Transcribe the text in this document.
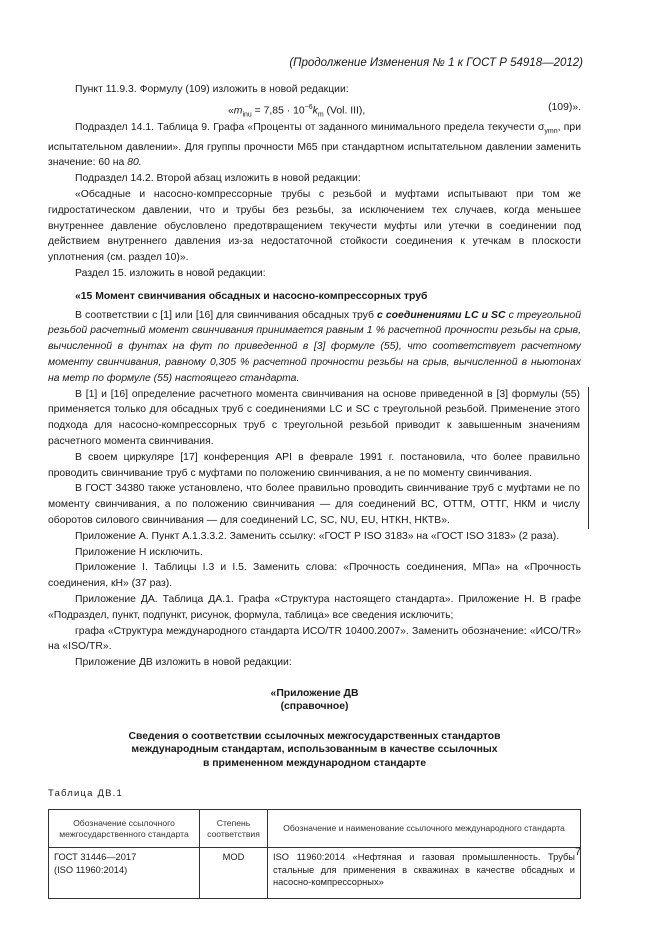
(Продолжение Изменения № 1 к ГОСТ Р 54918—2012)

Пункт 11.9.3. Формулу (109) изложить в новой редакции:

«$m_{inu} = 7,85 \cdot 10^{-6}k_m$ (Vol. III),	(109)».

Подраздел 14.1. Таблица 9. Графа «Проценты от заданного минимального предела текучести $\sigma_{ymn}$, при испытательном давлении». Для группы прочности M65 при стандартном испытательном давлении заменить значение: 60 на 80.

Подраздел 14.2. Второй абзац изложить в новой редакции:

«Обсадные и насосно-компрессорные трубы с резьбой и муфтами испытывают при том же гидростатическом давлении, что и трубы без резьбы, за исключением тех случаев, когда меньшее внутреннее давление обусловлено предотвращением текучести муфты или утечки в соединении под действием внутреннего давления из-за недостаточной стойкости соединения к утечкам в плоскости уплотнения (см. раздел 10)».

Раздел 15. изложить в новой редакции:

«15 Момент свинчивания обсадных и насосно-компрессорных труб

В соответствии с [1] или [16] для свинчивания обсадных труб с соединениями LC и SC с треугольной резьбой расчетный момент свинчивания принимается равным 1 % расчетной прочности резьбы на срыв, вычисленной в фунтах на фут по приведенной в [3] формуле (55), что соответствует расчетному моменту свинчивания, равному 0,305 % расчетной прочности резьбы на срыв, вычисленной в ньютонах на метр по формуле (55) настоящего стандарта.

В [1] и [16] определение расчетного момента свинчивания на основе приведенной в [3] формулы (55) применяется только для обсадных труб с соединениями LC и SC с треугольной резьбой. Применение этого подхода для насосно-компрессорных труб с треугольной резьбой приводит к завышенным значениям расчетного момента свинчивания.

В своем циркуляре [17] конференция API в феврале 1991 г. постановила, что более правильно проводить свинчивание труб с муфтами по положению свинчивания, а не по моменту свинчивания.

В ГОСТ 34380 также установлено, что более правильно проводить свинчивание труб с муфтами не по моменту свинчивания, а по положению свинчивания — для соединений ВС, ОТТМ, ОТТГ, НКМ и числу оборотов силового свинчивания — для соединений LC, SC, NU, EU, НТКН, НКТВ».

Приложение А. Пункт А.1.3.3.2. Заменить ссылку: «ГОСТ Р ISO 3183» на «ГОСТ ISO 3183» (2 раза).

Приложение Н исключить.

Приложение I. Таблицы I.3 и I.5. Заменить слова: «Прочность соединения, МПа» на «Прочность соединения, кН» (37 раз).

Приложение ДА. Таблица ДА.1. Графа «Структура настоящего стандарта». Приложение Н. В графе «Подраздел, пункт, подпункт, рисунок, формула, таблица» все сведения исключить;

графа «Структура международного стандарта ИСО/TR 10400.2007». Заменить обозначение: «ИСО/TR» на «ISO/TR».

Приложение ДВ изложить в новой редакции:

«Приложение ДВ
(справочное)

Сведения о соответствии ссылочных межгосударственных стандартов
международным стандартам, использованным в качестве ссылочных
в примененном международном стандарте

Таблица ДВ.1

Обозначение ссылочного межгосударственного стандарта	Степень соответствия	Обозначение и наименование ссылочного международного стандарта
ГОСТ 31446—2017
(ISO 11960:2014)	MOD	ISO 11960:2014 «Нефтяная и газовая промышленность. Трубы стальные для применения в скважинах в качестве обсадных и насосно-компрессорных»
7
